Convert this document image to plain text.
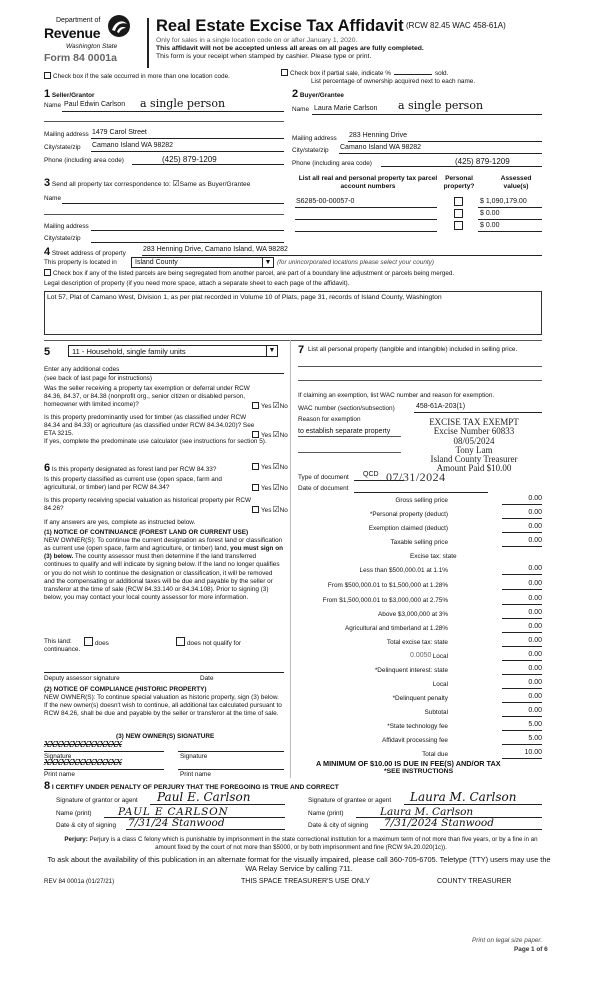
Department of
Revenue
Washington State
Form 84 0001a
Real Estate Excise Tax Affidavit (RCW 82.45 WAC 458-61A)
Only for sales in a single location code on or after January 1, 2020.
This affidavit will not be accepted unless all areas on all pages are fully completed.
This form is your receipt when stamped by cashier. Please type or print.
Check box if the sale occurred in more than one location code.	Check box if partial sale, indicate %	sold.
List percentage of ownership acquired next to each name.
1 Seller/Grantor
Name Paul Edwin Carlson a single person
Mailing address 1479 Carol Street
City/state/zip Camano Island WA 98282
Phone (including area code)	(425) 879-1209
2 Buyer/Grantee
Name Laura Marie Carlson a single person
Mailing address 283 Henning Drive
City/state/zip Camano Island WA 98282
Phone (including area code)	(425) 879-1209
3 Send all property tax correspondence to: ☑Same as Buyer/Grantee
Name
Mailing address
City/state/zip
List all real and personal property tax parcel account numbers
Personal property?
Assessed value(s)
S6285-00-00057-0	$ 1,090,179.00
$ 0.00
$ 0.00
4 Street address of property
283 Henning Drive, Camano Island, WA 98282
This property is located in	Island County	▼ (for unincorporated locations please select your county)
Check box if any of the listed parcels are being segregated from another parcel, are part of a boundary line adjustment or parcels being merged.
Legal description of property (if you need more space, attach a separate sheet to each page of the affidavit).
Lot 57, Plat of Camano West, Division 1, as per plat recorded in Volume 10 of Plats, page 31, records of Island County, Washington
5	11 - Household, single family units	▼
Enter any additional codes
(see back of last page for instructions)
Was the seller receiving a property tax exemption or deferral under RCW 84.36, 84.37, or 84.38 (nonprofit org., senior citizen or disabled person, homeowner with limited income)?	Yes☑No
Is this property predominantly used for timber (as classified under RCW 84.34 and 84.33) or agriculture (as classified under RCW 84.34.020)? See ETA 3215.	Yes☑No
If yes, complete the predominate use calculator (see instructions for section 5).
6 Is this property designated as forest land per RCW 84.33?	Yes☑No
Is this property classified as current use (open space, farm and agricultural, or timber) land per RCW 84.34?	Yes☑No
Is this property receiving special valuation as historical property per RCW 84.26?	Yes☑No
If any answers are yes, complete as instructed below.
(1) NOTICE OF CONTINUANCE (FOREST LAND OR CURRENT USE)
NEW OWNER(S): To continue the current designation as forest land or classification as current use (open space, farm and agriculture, or timber) land, you must sign on (3) below. The county assessor must then determine if the land transferred continues to qualify and will indicate by signing below. If the land no longer qualifies or you do not wish to continue the designation or classification, it will be removed and the compensating or additional taxes will be due and payable by the seller or transferor at the time of sale (RCW 84.33.140 or 84.34.108). Prior to signing (3) below, you may contact your local county assessor for more information.
This land:	does	does not qualify for
continuance.
Deputy assessor signature	Date
(2) NOTICE OF COMPLIANCE (HISTORIC PROPERTY)
NEW OWNER(S): To continue special valuation as historic property, sign (3) below. If the new owner(s) doesn't wish to continue, all additional tax calculated pursuant to RCW 84.26, shall be due and payable by the seller or transferor at the time of sale.
(3) NEW OWNER(S) SIGNATURE
XXXXXXXXXXXXXX
Signature	Signature
XXXXXXXXXXXXXX
Print name	Print name
7 List all personal property (tangible and intangible) included in selling price.
If claiming an exemption, list WAC number and reason for exemption.
WAC number (section/subsection)	458-61A-203(1)
Reason for exemption
to establish separate property
EXCISE TAX EXEMPT
Excise Number 60833
08/05/2024
Tony Lam
Island County Treasurer
Amount Paid $10.00
Type of document QCD 07/31/2024
Date of document
Gross selling price	0.00
*Personal property (deduct)	0.00
Exemption claimed (deduct)	0.00
Taxable selling price	0.00
Excise tax: state
Less than $500,000.01 at 1.1%	0.00
From $500,000.01 to $1,500,000 at 1.28%	0.00
From $1,500,000.01 to $3,000,000 at 2.75%	0.00
Above $3,000,000 at 3%	0.00
Agricultural and timberland at 1.28%	0.00
Total excise tax: state	0.00
0.0050 Local	0.00
*Delinquent interest: state	0.00
Local	0.00
*Delinquent penalty	0.00
Subtotal	0.00
*State technology fee	5.00
Affidavit processing fee	5.00
Total due	10.00
A MINIMUM OF $10.00 IS DUE IN FEE(S) AND/OR TAX
*SEE INSTRUCTIONS
8 I CERTIFY UNDER PENALTY OF PERJURY THAT THE FOREGOING IS TRUE AND CORRECT
Signature of grantor or agent Paul E. Carlson
Name (print)	PAUL E CARLSON
Date & city of signing 7/31/24 Stanwood
Signature of grantee or agent Laura M. Carlson
Name (print)	Laura M. Carlson
Date & city of signing 7/31/2024 Stanwood
Perjury: Perjury is a class C felony which is punishable by imprisonment in the state correctional institution for a maximum term of not more than five years, or by a fine in an amount fixed by the court of not more than $5000, or by both imprisonment and fine (RCW 9A.20.020(1c)).
To ask about the availability of this publication in an alternate format for the visually impaired, please call 360-705-6705. Teletype (TTY) users may use the WA Relay Service by calling 711.
REV 84 0001a (01/27/21)	THIS SPACE TREASURER'S USE ONLY	COUNTY TREASURER
Print on legal size paper.
Page 1 of 6
